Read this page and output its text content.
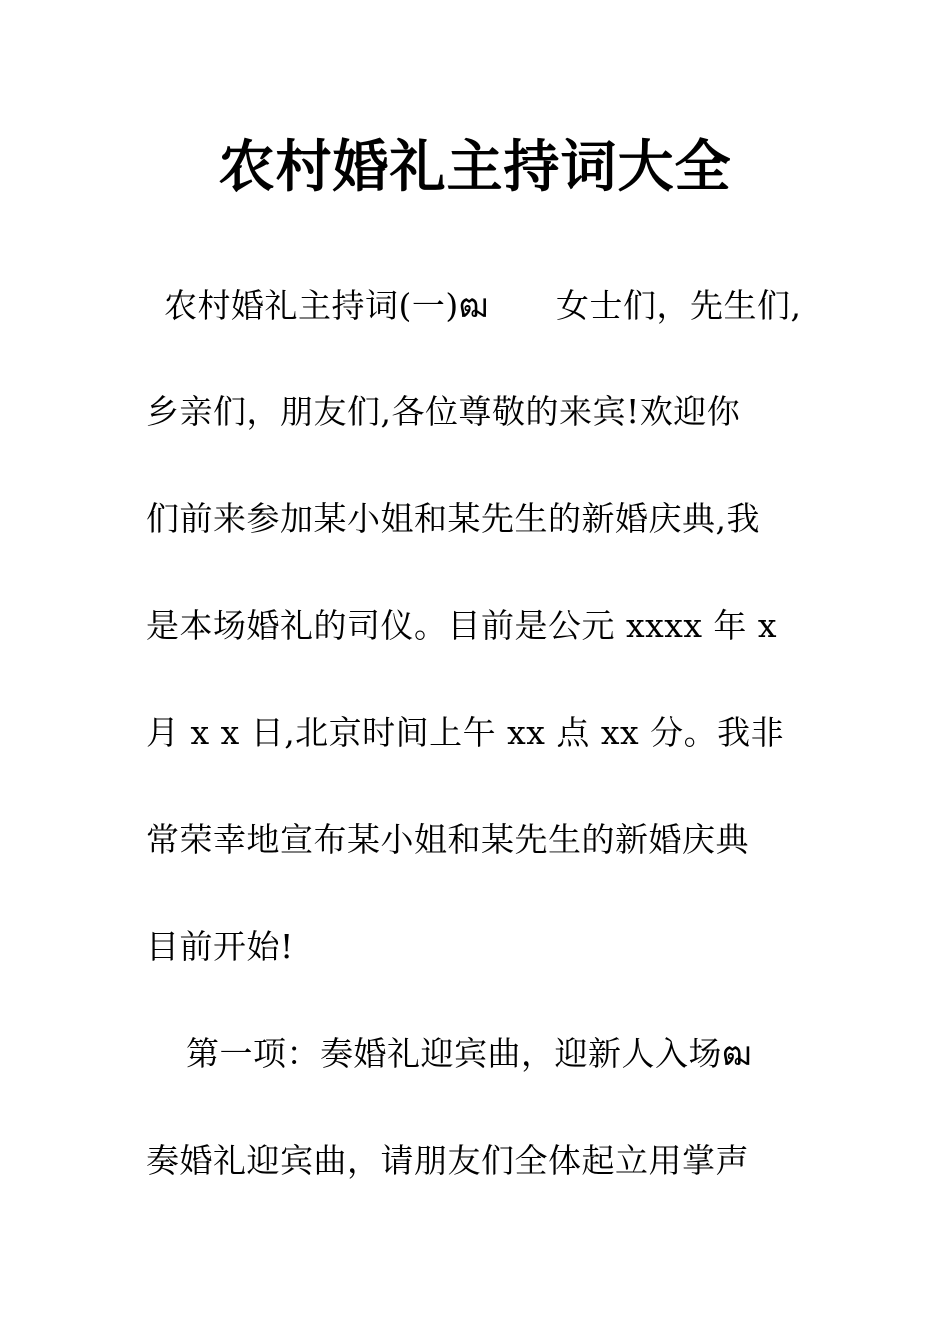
农村婚礼主持词大全
农村婚礼主持词(一)ฒ　　女士们，先生们,
乡亲们，朋友们,各位尊敬的来宾!欢迎你
们前来参加某小姐和某先生的新婚庆典,我
是本场婚礼的司仪。目前是公元 xxxx 年 x
月 x x 日,北京时间上午 xx 点 xx 分。我非
常荣幸地宣布某小姐和某先生的新婚庆典
目前开始!
第一项：奏婚礼迎宾曲，迎新人入场ฒ
奏婚礼迎宾曲，请朋友们全体起立用掌声
